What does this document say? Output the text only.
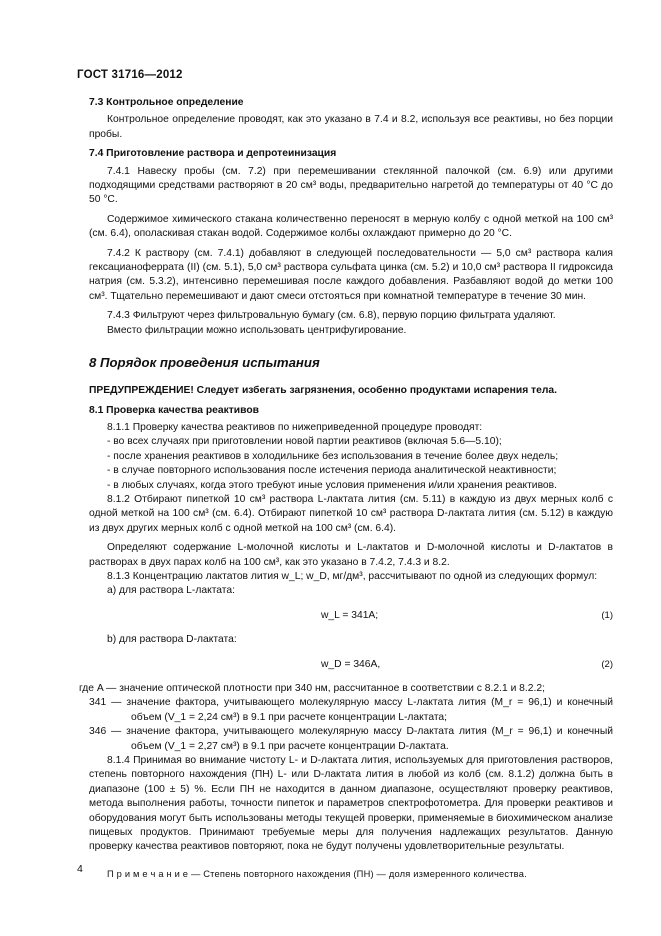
ГОСТ 31716—2012

7.3 Контрольное определение

Контрольное определение проводят, как это указано в 7.4 и 8.2, используя все реактивы, но без порции пробы.

7.4 Приготовление раствора и депротеинизация

7.4.1 Навеску пробы (см. 7.2) при перемешивании стеклянной палочкой (см. 6.9) или другими подходящими средствами растворяют в 20 см³ воды, предварительно нагретой до температуры от 40 °С до 50 °С.

Содержимое химического стакана количественно переносят в мерную колбу с одной меткой на 100 см³ (см. 6.4), ополаскивая стакан водой. Содержимое колбы охлаждают примерно до 20 °С.

7.4.2 К раствору (см. 7.4.1) добавляют в следующей последовательности — 5,0 см³ раствора калия гексацианоферрата (II) (см. 5.1), 5,0 см³ раствора сульфата цинка (см. 5.2) и 10,0 см³ раствора II гидроксида натрия (см. 5.3.2), интенсивно перемешивая после каждого добавления. Разбавляют водой до метки 100 см³. Тщательно перемешивают и дают смеси отстояться при комнатной температуре в течение 30 мин.

7.4.3 Фильтруют через фильтровальную бумагу (см. 6.8), первую порцию фильтрата удаляют.

Вместо фильтрации можно использовать центрифугирование.

8 Порядок проведения испытания

ПРЕДУПРЕЖДЕНИЕ! Следует избегать загрязнения, особенно продуктами испарения тела.

8.1 Проверка качества реактивов

8.1.1 Проверку качества реактивов по нижеприведенной процедуре проводят:

- во всех случаях при приготовлении новой партии реактивов (включая 5.6—5.10);

- после хранения реактивов в холодильнике без использования в течение более двух недель;

- в случае повторного использования после истечения периода аналитической неактивности;

- в любых случаях, когда этого требуют иные условия применения и/или хранения реактивов.

8.1.2 Отбирают пипеткой 10 см³ раствора L-лактата лития (см. 5.11) в каждую из двух мерных колб с одной меткой на 100 см³ (см. 6.4). Отбирают пипеткой 10 см³ раствора D-лактата лития (см. 5.12) в каждую из двух других мерных колб с одной меткой на 100 см³ (см. 6.4).

Определяют содержание L-молочной кислоты и L-лактатов и D-молочной кислоты и D-лактатов в растворах в двух парах колб на 100 см³, как это указано в 7.4.2, 7.4.3 и 8.2.

8.1.3 Концентрацию лактатов лития w_L; w_D, мг/дм³, рассчитывают по одной из следующих формул:

а) для раствора L-лактата:

w_L = 341A;	(1)

b) для раствора D-лактата:

w_D = 346A,	(2)

где A — значение оптической плотности при 340 нм, рассчитанное в соответствии с 8.2.1 и 8.2.2;

341 — значение фактора, учитывающего молекулярную массу L-лактата лития (M_r = 96,1) и конечный объем (V_1 = 2,24 см³) в 9.1 при расчете концентрации L-лактата;

346 — значение фактора, учитывающего молекулярную массу D-лактата лития (M_r = 96,1) и конечный объем (V_1 = 2,27 см³) в 9.1 при расчете концентрации D-лактата.

8.1.4 Принимая во внимание чистоту L- и D-лактата лития, используемых для приготовления растворов, степень повторного нахождения (ПН) L- или D-лактата лития в любой из колб (см. 8.1.2) должна быть в диапазоне (100 ± 5) %. Если ПН не находится в данном диапазоне, осуществляют проверку реактивов, метода выполнения работы, точности пипеток и параметров спектрофотометра. Для проверки реактивов и оборудования могут быть использованы методы текущей проверки, применяемые в биохимическом анализе пищевых продуктов. Принимают требуемые меры для получения надлежащих результатов. Данную проверку качества реактивов повторяют, пока не будут получены удовлетворительные результаты.

П р и м е ч а н и е — Степень повторного нахождения (ПН) — доля измеренного количества.

4
